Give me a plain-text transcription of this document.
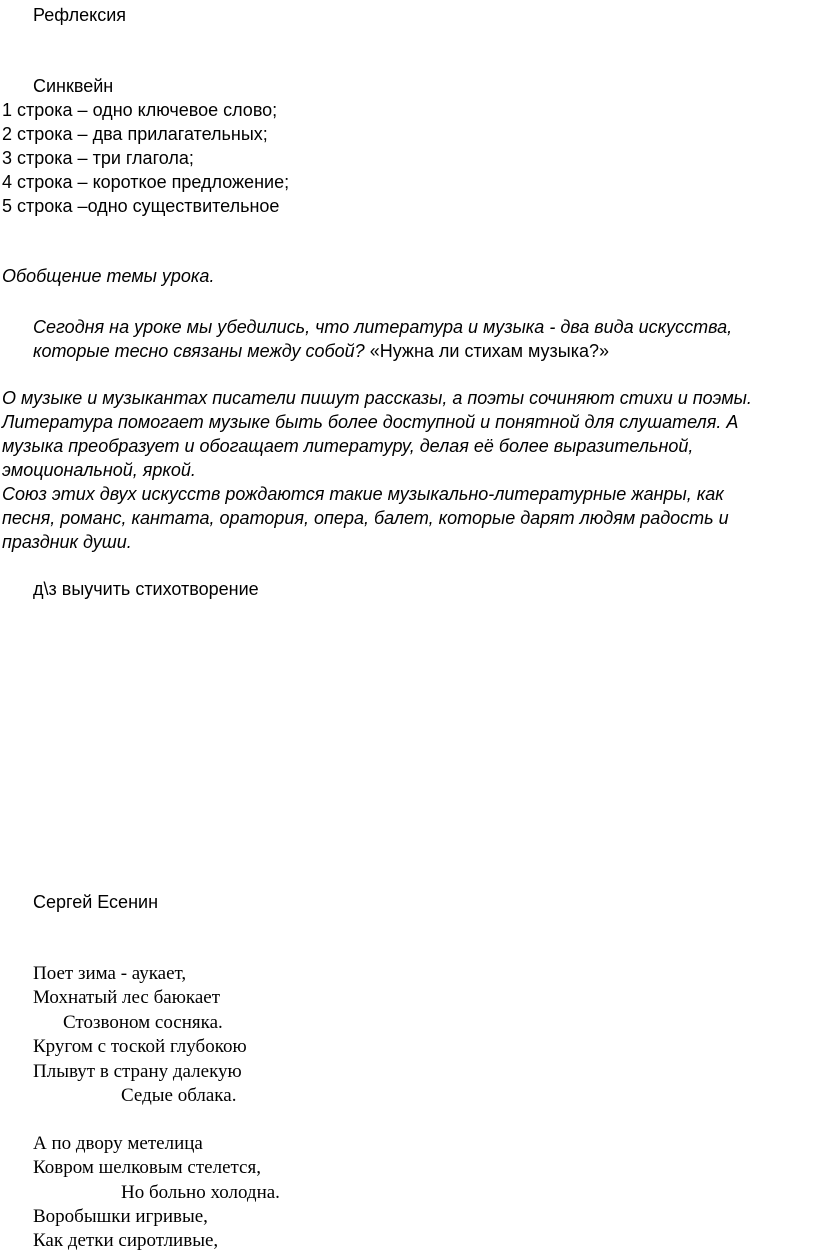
Рефлексия
Синквейн
1 строка – одно ключевое слово;
2 строка – два прилагательных;
3 строка – три глагола;
4 строка – короткое предложение;
5 строка –одно существительное
Обобщение темы урока.
Сегодня на уроке мы убедились, что литература и музыка - два вида искусства,
которые тесно связаны между собой? «Нужна ли стихам музыка?»
О музыке и музыкантах писатели пишут рассказы, а поэты сочиняют стихи и поэмы.
Литература помогает музыке быть более доступной и понятной для слушателя. А
музыка преобразует и обогащает литературу, делая её более выразительной,
эмоциональной, яркой.
Союз этих двух искусств рождаются такие музыкально-литературные жанры, как
песня, романс, кантата, оратория, опера, балет, которые дарят людям радость и
праздник души.
д\з выучить стихотворение
Сергей Есенин
Поет зима - аукает,
Мохнатый лес баюкает
Стозвоном сосняка.
Кругом с тоской глубокою
Плывут в страну далекую
Седые облака.
А по двору метелица
Ковром шелковым стелется,
Но больно холодна.
Воробышки игривые,
Как детки сиротливые,
